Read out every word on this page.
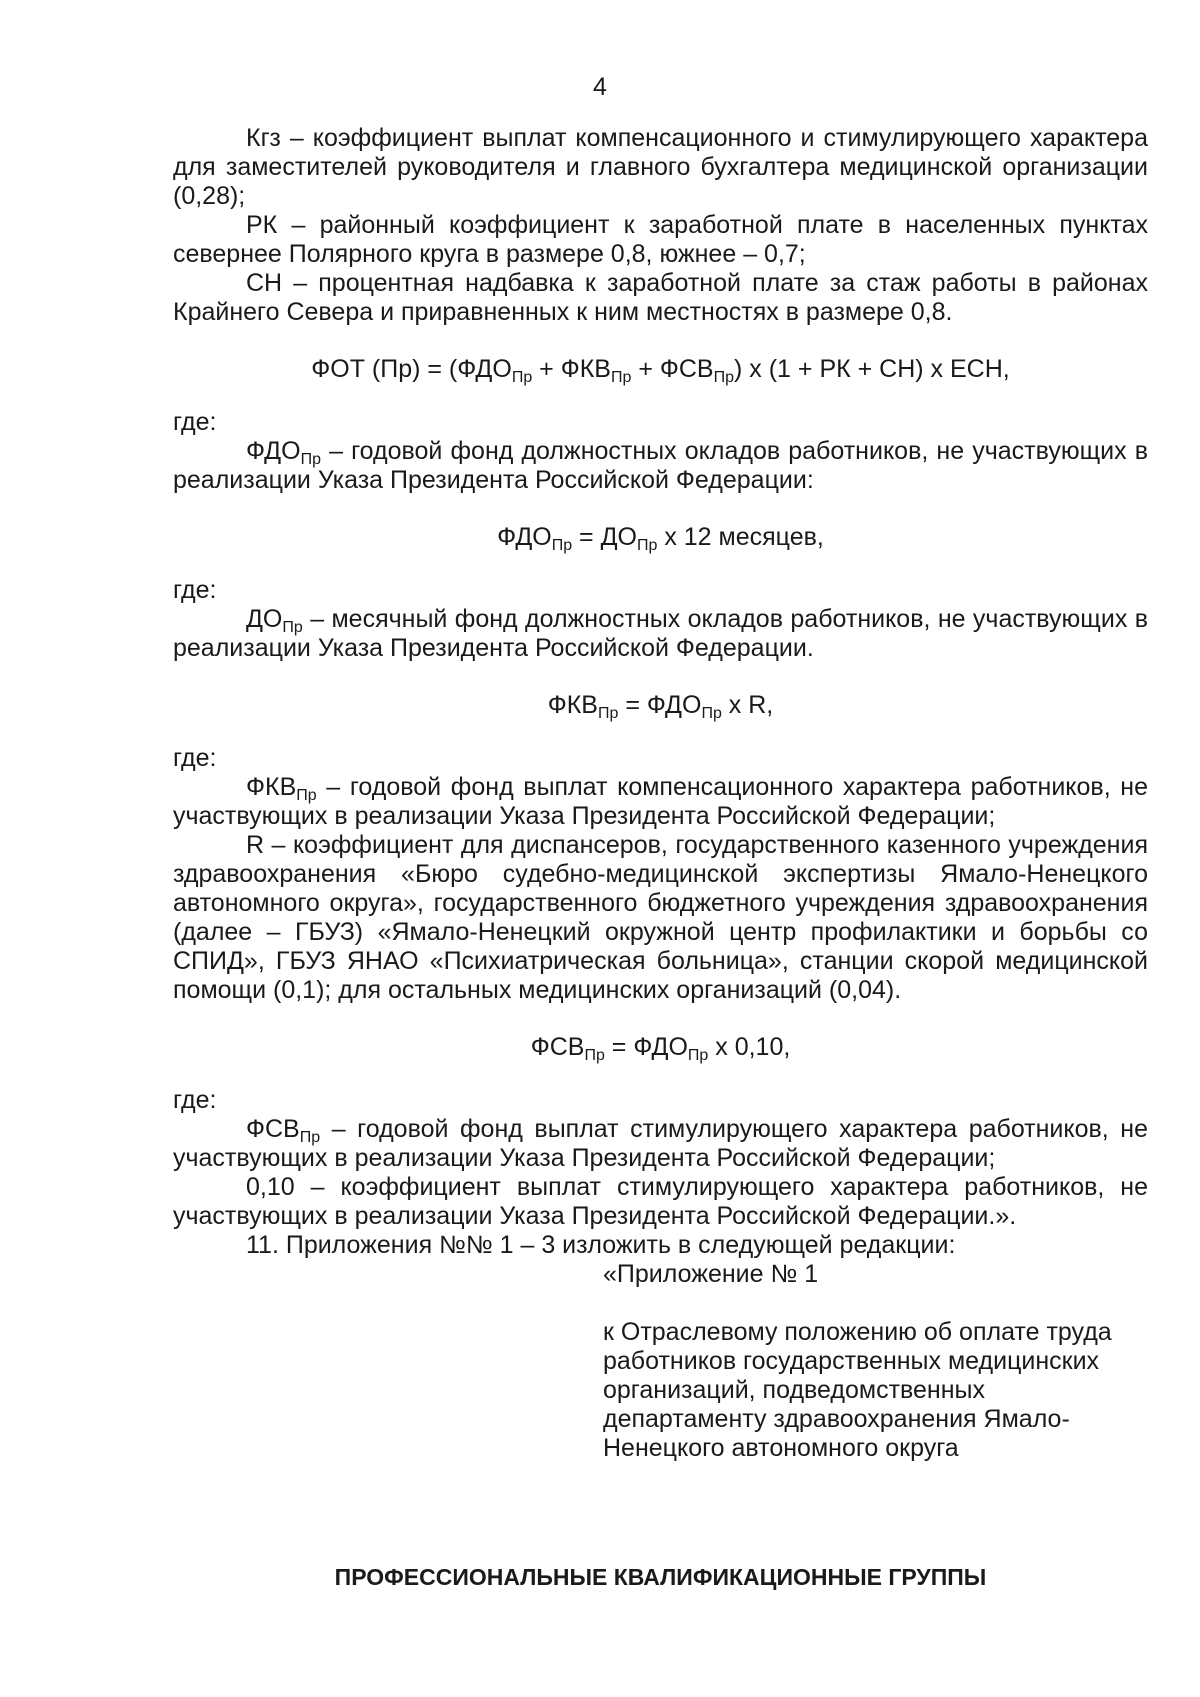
4

Кгз – коэффициент выплат компенсационного и стимулирующего характера для заместителей руководителя и главного бухгалтера медицинской организации (0,28);

РК – районный коэффициент к заработной плате в населенных пунктах севернее Полярного круга в размере 0,8, южнее – 0,7;

СН – процентная надбавка к заработной плате за стаж работы в районах Крайнего Севера и приравненных к ним местностях в размере 0,8.

ФОТ $(Пр) = (ФДО_{Пр} + ФКВ_{Пр} + ФСВ_{Пр})$ х (1 + РК + СН) х ЕСН,

где:

$ФДО_{Пр}$ – годовой фонд должностных окладов работников, не участвующих в реализации Указа Президента Российской Федерации:

$ФДО_{Пр} = ДО_{Пр}$ х 12 месяцев,

где:

$ДО_{Пр}$ – месячный фонд должностных окладов работников, не участвующих в реализации Указа Президента Российской Федерации.

$ФКВ_{Пр} = ФДО_{Пр}$ х R,

где:

$ФКВ_{Пр}$ – годовой фонд выплат компенсационного характера работников, не участвующих в реализации Указа Президента Российской Федерации;

R – коэффициент для диспансеров, государственного казенного учреждения здравоохранения «Бюро судебно-медицинской экспертизы Ямало-Ненецкого автономного округа», государственного бюджетного учреждения здравоохранения (далее – ГБУЗ) «Ямало-Ненецкий окружной центр профилактики и борьбы со СПИД», ГБУЗ ЯНАО «Психиатрическая больница», станции скорой медицинской помощи (0,1); для остальных медицинских организаций (0,04).

$ФСВ_{Пр} = ФДО_{Пр}$ х 0,10,

где:

$ФСВ_{Пр}$ – годовой фонд выплат стимулирующего характера работников, не участвующих в реализации Указа Президента Российской Федерации;

0,10 – коэффициент выплат стимулирующего характера работников, не участвующих в реализации Указа Президента Российской Федерации.».

11. Приложения №№ 1 – 3 изложить в следующей редакции:

«Приложение № 1

к Отраслевому положению об оплате труда работников государственных медицинских организаций, подведомственных департаменту здравоохранения Ямало-Ненецкого автономного округа

ПРОФЕССИОНАЛЬНЫЕ КВАЛИФИКАЦИОННЫЕ ГРУППЫ
